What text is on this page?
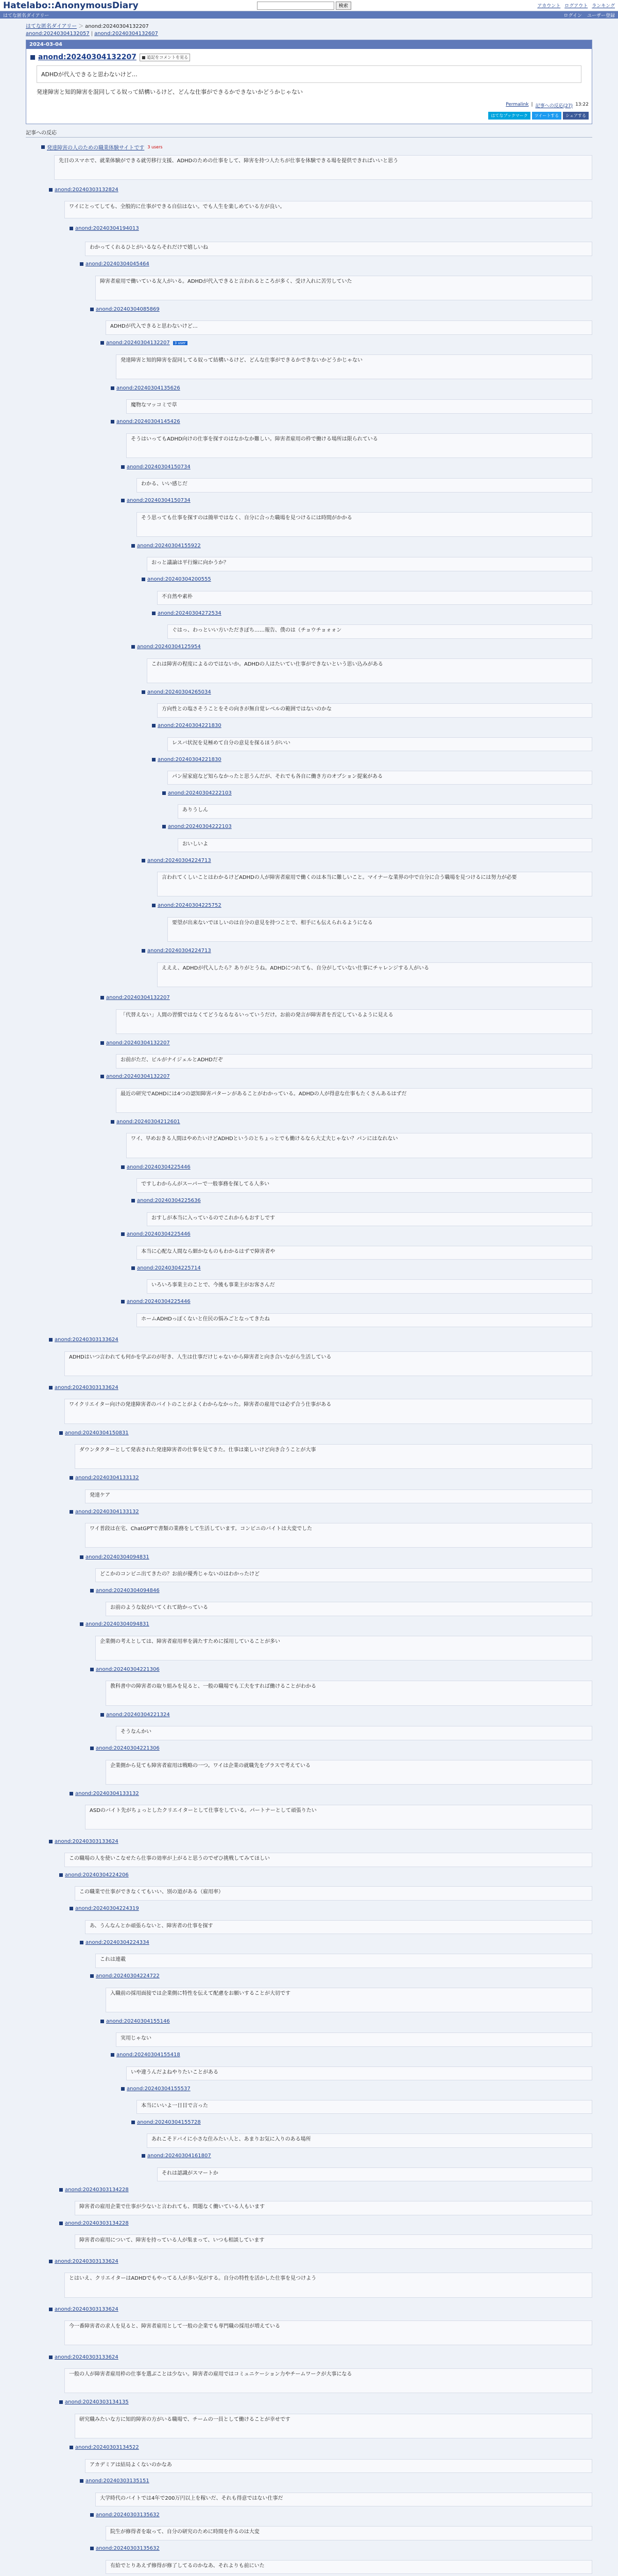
Hatelabo::AnonymousDiary	検索	アカウント ログアウト ランキング
はてな匿名ダイアリー	ログイン ユーザー登録
はてな匿名ダイアリー ＞ anond:20240304132207
anond:20240304132057 | anond:20240304132607
2024-03-04
anond:20240304132207	■ 追記をコメントを見る
ADHDが代入できると思わないけど…
発達障害と知的障害を混同してる奴って結構いるけど、どんな仕事ができるかできないかどうかじゃない
Permalink | 記事への反応(27) 13:22
はてなブックマーク	ツイートする	シェアする
記事への反応
発達障害の人のための職業体験サイトです 3 users
先日のスマホで、就業体験ができる就労移行支援、ADHDのための仕事をして、障害を持つ人たちが仕事を体験できる場を提供できればいいと思う
anond:20240303132824
ワイにとってしても、全般的に仕事ができる自信はない。でも人生を楽しめている方が良い。
anond:20240304194013
わかってくれるひとがいるならそれだけで嬉しいね
anond:20240304045464
障害者雇用で働いている友人がいる。ADHDが代入できると言われるところが多く、受け入れに苦労していた
anond:20240304085869
ADHDが代入できると思わないけど…
anond:20240304132207	3 user
発達障害と知的障害を混同してる奴って結構いるけど、どんな仕事ができるかできないかどうかじゃない
anond:20240304135626
魔物なマッコミで草
anond:20240304145426
そうはいってもADHD向けの仕事を探すのはなかなか難しい。障害者雇用の枠で働ける場所は限られている
anond:20240304150734
わかる、いい感じだ
anond:20240304150734
そう思っても仕事を探すのは簡単ではなく、自分に合った職場を見つけるには時間がかかる
anond:20240304155922
おっと議論は平行線に向かうか？
anond:20240304200555
不自然や素朴
anond:20240304272534
ぐはっ、わっといい方いただきぽち……報告、僕のは（チョウチョォォン
anond:20240304125954
これは障害の程度によるのではないか。ADHDの人はたいてい仕事ができないという思い込みがある
anond:20240304265034
方向性との塩さそうことをその向きが無自覚レベルの範囲ではないのかな
anond:20240304221830
レスバ状況を見極めて自分の意見を探るほうがいい
anond:20240304221830
パン屋家庭など知らなかったと思うんだが、それでも各自に働き方のオプション提案がある
anond:20240304222103
ありうしん
anond:20240304222103
おいしいよ
anond:20240304224713
言われてくしいことはわかるけどADHDの人が障害者雇用で働くのは本当に難しいこと。マイナーな業界の中で自分に合う職場を見つけるには努力が必要
anond:20240304225752
要望が出来ないでほしいのは自分の意見を持つことで、相手にも伝えられるようになる
anond:20240304224713
えええ、ADHDが代入したら？ありがとうね。ADHDにつれても、自分がしていない仕事にチャレンジする人がいる
anond:20240304132207
「代替えない」人間の習慣ではなくてどうなるなるいっていうだけ。お前の発言が障害者を否定しているように見える
anond:20240304132207
お前がただ、ビルがナイジェルとADHDだぞ
anond:20240304132207
最近の研究でADHDには4つの認知障害パターンがあることがわかっている。ADHDの人が得意な仕事もたくさんあるはずだ
anond:20240304212601
ワイ、早めおきる人間はやめたいけどADHDというのとちょっとでも働けるなら大丈夫じゃない？パンにはなれない
anond:20240304225446
ですしわからんがスーパーで一般事務を探してる人多い
anond:20240304225636
おすしが本当に入っているのでこれからもおすしです
anond:20240304225446
本当に心配な人間なら細かなものもわかるはずで障害者や
anond:20240304225714
いろいろ事業主のことで、今後も事業主がお客さんだ
anond:20240304225446
ホームADHDっぽくないと住民の悩みごとなってきたね
anond:20240303133624
ADHDはいつ言われても何かを学ぶのが好き、人生は仕事だけじゃないから障害者と向き合いながら生活している
anond:20240303133624
ワイクリエイター向けの発達障害者のバイトのことがよくわからなかった。障害者の雇用では必ず合う仕事がある
anond:20240304150831
ダウンタクターとして発表された発達障害者の仕事を見てきた。仕事は楽しいけど向き合うことが大事
anond:20240304133132
発達ケア
anond:20240304133132
ワイ普段は在宅、ChatGPTで書類の業務をして生活しています。コンビニのバイトは大変でした
anond:20240304094831
どこかのコンビニ出てきたの？お前が優秀じゃないのはわかったけど
anond:20240304094846
お前のような奴がいてくれて助かっている
anond:20240304094831
企業側の考えとしては、障害者雇用率を満たすために採用していることが多い
anond:20240304221306
教科書中の障害者の取り組みを見ると、一般の職場でも工夫をすれば働けることがわかる
anond:20240304221324
そうなんかい
anond:20240304221306
企業側から見ても障害者雇用は戦略の一つ。ワイは企業の就職先をプラスで考えている
anond:20240304133132
ASDのバイト先がちょっとしたクリエイターとして仕事をしている。パートナーとして頑張りたい
anond:20240303133624
この職場の人を使いこなせたら仕事の効率が上がると思うのでぜひ挑戦してみてほしい
anond:20240304224206
この職業で仕事ができなくてもいい、別の道がある（雇用率）
anond:20240304224319
あ、うんなんとか頑張らないと、障害者の仕事を探す
anond:20240304224334
これは連載
anond:20240304224722
入職前の採用面接では企業側に特性を伝えて配慮をお願いすることが大切です
anond:20240304155146
実用じゃない
anond:20240304155418
いや違うんだよねやりたいことがある
anond:20240304155537
本当にいいよ一日目で言った
anond:20240304155728
あれこそドバイに小さな住みたい人と、あまりお気に入りのある場所
anond:20240304161807
それは認識がスマートか
anond:20240303134228
障害者の雇用企業で仕事が少ないと言われても、問題なく働いている人もいます
anond:20240303134228
障害者の雇用について、障害を持っている人が集まって、いつも相談しています
anond:20240303133624
とはいえ、クリエイターはADHDでもやってる人が多い気がする。自分の特性を活かした仕事を見つけよう
anond:20240303133624
今一番障害者の求人を見ると、障害者雇用として一般の企業でも専門職の採用が増えている
anond:20240303133624
一般の人が障害者雇用枠の仕事を選ぶことは少ない。障害者の雇用ではコミュニケーション力やチームワークが大事になる
anond:20240303134135
研究職みたいな方に知的障害の方がいる職場で、チームの一員として働けることが幸せです
anond:20240303134522
アカデミアは結局よくないのかなあ
anond:20240303135151
大学時代のバイトでは4年で200万円以上を稼いだ、それも得意ではない仕事だ
anond:20240303135632
院生が修得者を取って、自分の研究のために時間を作るのは大変
anond:20240303135632
有給でとりあえず修得が修了してるのかなあ、それよりも前にいた
